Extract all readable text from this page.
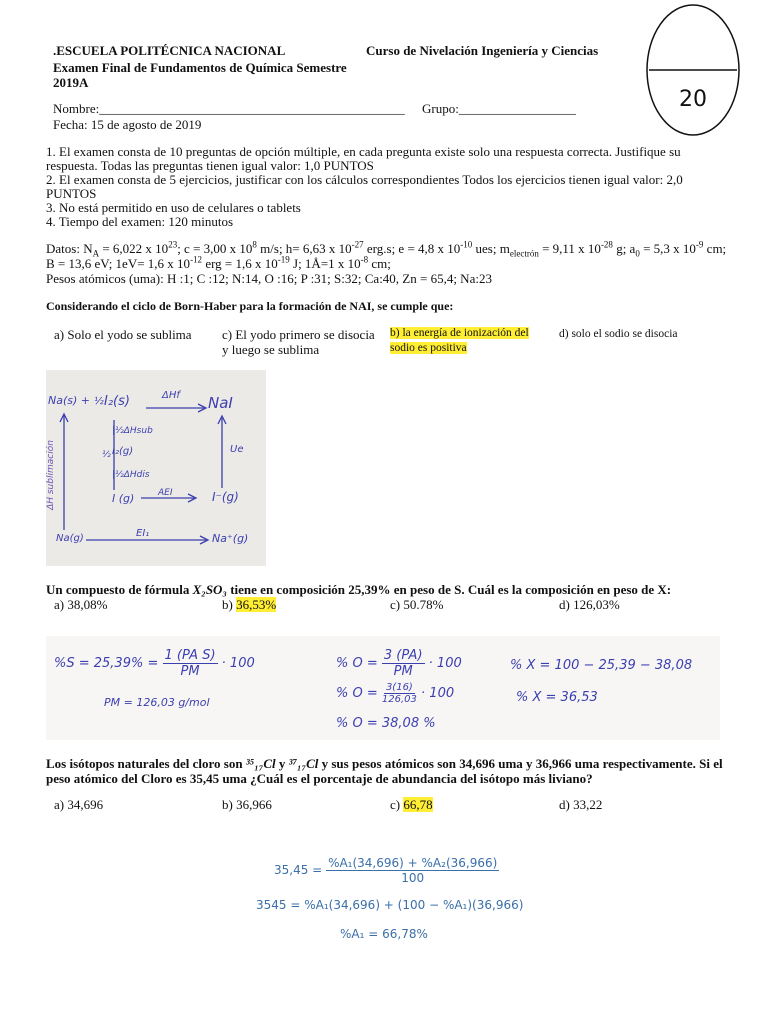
.ESCUELA POLITÉCNICA NACIONAL	Curso de Nivelación Ingeniería y Ciencias
Examen Final de Fundamentos de Química Semestre
2019A
Nombre:_______________________________________________ Grupo:__________________
Fecha: 15 de agosto de 2019
20
1. El examen consta de 10 preguntas de opción múltiple, en cada pregunta existe solo una respuesta correcta. Justifique su
respuesta. Todas las preguntas tienen igual valor: 1,0 PUNTOS
2. El examen consta de 5 ejercicios, justificar con los cálculos correspondientes Todos los ejercicios tienen igual valor: 2,0
PUNTOS
3. No está permitido en uso de celulares o tablets
4. Tiempo del examen: 120 minutos
Datos: $N_A = 6,022$ x $10^{23}$; c = 3,00 x $10^8$ m/s; h= 6,63 x $10^{-27}$ erg.s; e = 4,8 x $10^{-10}$ ues; $m_{electrón} = 9,11$ x $10^{-28}$ g; $a_0 = 5,3$ x $10^{-9}$ cm;
B = 13,6 eV; 1eV= 1,6 x $10^{-12}$ erg = 1,6 x $10^{-19}$ J; 1Å=1 x $10^{-8}$ cm;
Pesos atómicos (uma): H :1; C :12; N:14, O :16; P :31; S:32; Ca:40, Zn = 65,4; Na:23
Considerando el ciclo de Born-Haber para la formación de NAI, se cumple que:
a) Solo el yodo se sublima c) El yodo primero se disocia
y luego se sublima
b) la energía de ionización del
sodio es positiva
d) solo el sodio se disocia
Na(s) + ½ I₂(s)	ΔHf NaI
|½ΔHsub
½ I₂(g)
|½ΔHdis
I (g)	AEI	I⁻(g)
Ue
ΔH sublimación
Na(g)	EI₁	Na⁺(g)
Un compuesto de fórmula X₂SO₃ tiene en composición 25,39% en peso de S. Cuál es la composición en peso de X:
a) 38,08%	b) 36,53%	c) 50.78%	d) 126,03%
$\%S = 25,39\% = \frac{\text{1 (PA S)}}{PM} \cdot 100$
PM = 126,03 g/mol
% $O = \frac{3 (PA)}{PM} \cdot 100$
% $O = \frac{3(16)}{126,03} \cdot 100$
% O = 38,08 %
% X = 100 − 25,39 − 38,08
% X = 36,53
Los isótopos naturales del cloro son ³⁵₁₇Cl y ³⁷₁₇Cl y sus pesos atómicos son 34,696 uma y 36,966 uma respectivamente. Si el
peso atómico del Cloro es 35,45 uma ¿Cuál es el porcentaje de abundancia del isótopo más liviano?
a) 34,696	b) 36,966	c) 66,78	d) 33,22
$35,45 = \frac{\text{\%A₁(34,696) + \%A₂(36,966)}}{100}$
3545 = %A₁(34,696) + (100 − %A₁)(36,966)
%A₁ = 66,78%
